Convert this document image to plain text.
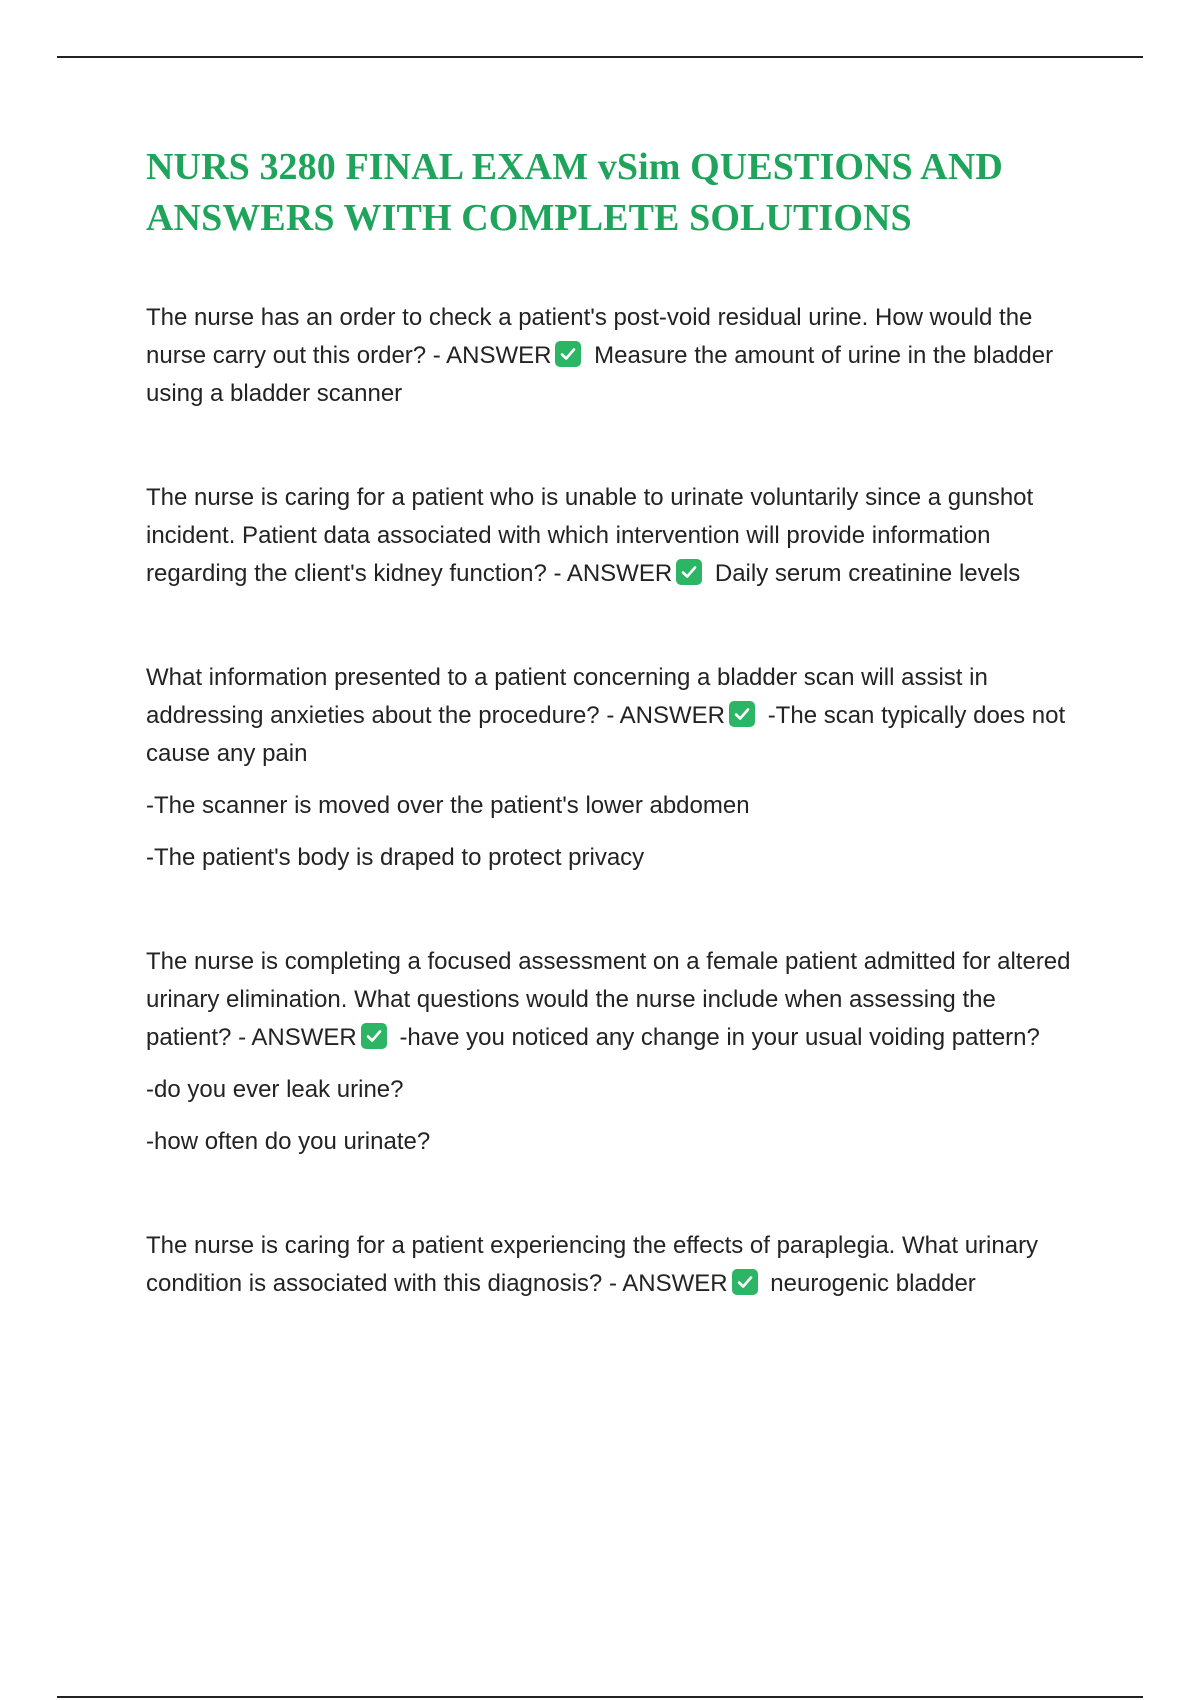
NURS 3280 FINAL EXAM vSim QUESTIONS AND ANSWERS WITH COMPLETE SOLUTIONS

The nurse has an order to check a patient's post-void residual urine. How would the nurse carry out this order? - ANSWER Measure the amount of urine in the bladder using a bladder scanner

The nurse is caring for a patient who is unable to urinate voluntarily since a gunshot incident. Patient data associated with which intervention will provide information regarding the client's kidney function? - ANSWER Daily serum creatinine levels

What information presented to a patient concerning a bladder scan will assist in addressing anxieties about the procedure? - ANSWER -The scan typically does not cause any pain

-The scanner is moved over the patient's lower abdomen

-The patient's body is draped to protect privacy

The nurse is completing a focused assessment on a female patient admitted for altered urinary elimination. What questions would the nurse include when assessing the patient? - ANSWER -have you noticed any change in your usual voiding pattern?

-do you ever leak urine?

-how often do you urinate?

The nurse is caring for a patient experiencing the effects of paraplegia. What urinary condition is associated with this diagnosis? - ANSWER neurogenic bladder
